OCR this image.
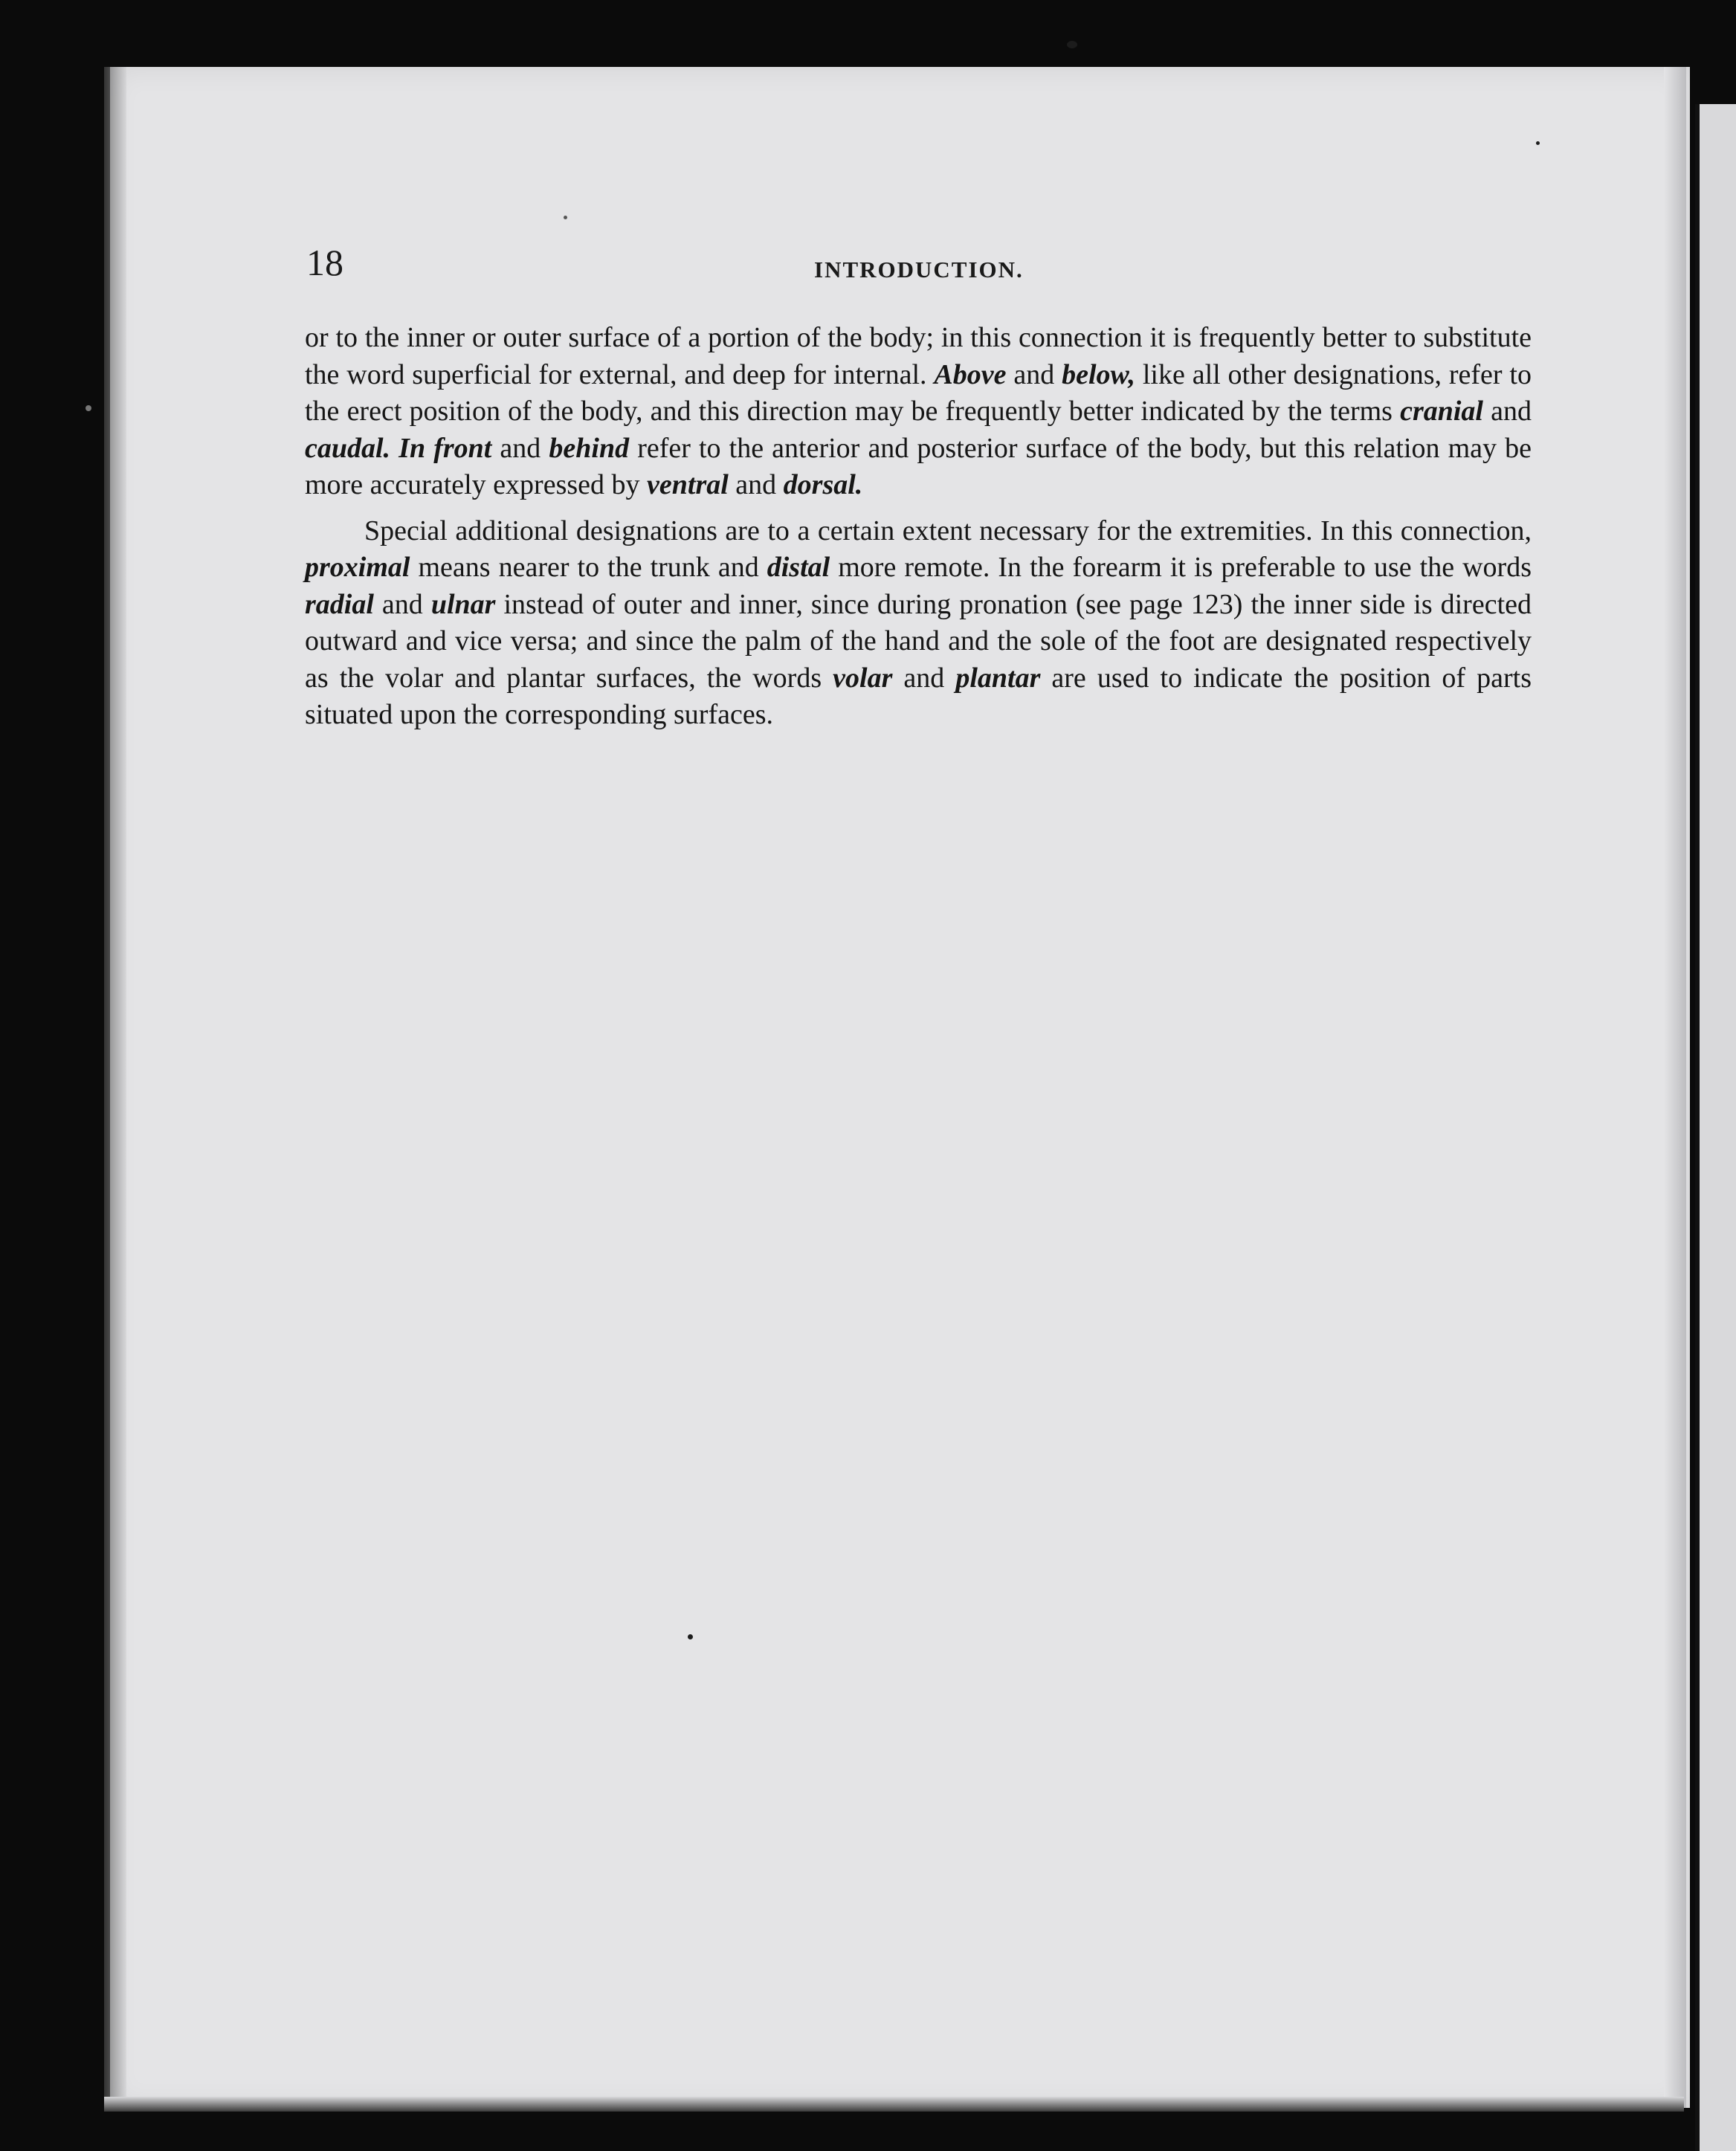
18	INTRODUCTION.

or to the inner or outer surface of a portion of the body; in this connection it is frequently better to substitute the word superficial for external, and deep for internal. Above and below, like all other designations, refer to the erect position of the body, and this direction may be frequently better indicated by the terms cranial and caudal. In front and behind refer to the anterior and posterior surface of the body, but this relation may be more accurately expressed by ventral and dorsal.

Special additional designations are to a certain extent necessary for the extremities. In this connection, proximal means nearer to the trunk and distal more remote. In the forearm it is preferable to use the words radial and ulnar instead of outer and inner, since during pronation (see page 123) the inner side is directed outward and vice versa; and since the palm of the hand and the sole of the foot are designated respectively as the volar and plantar surfaces, the words volar and plantar are used to indicate the position of parts situated upon the corresponding surfaces.
